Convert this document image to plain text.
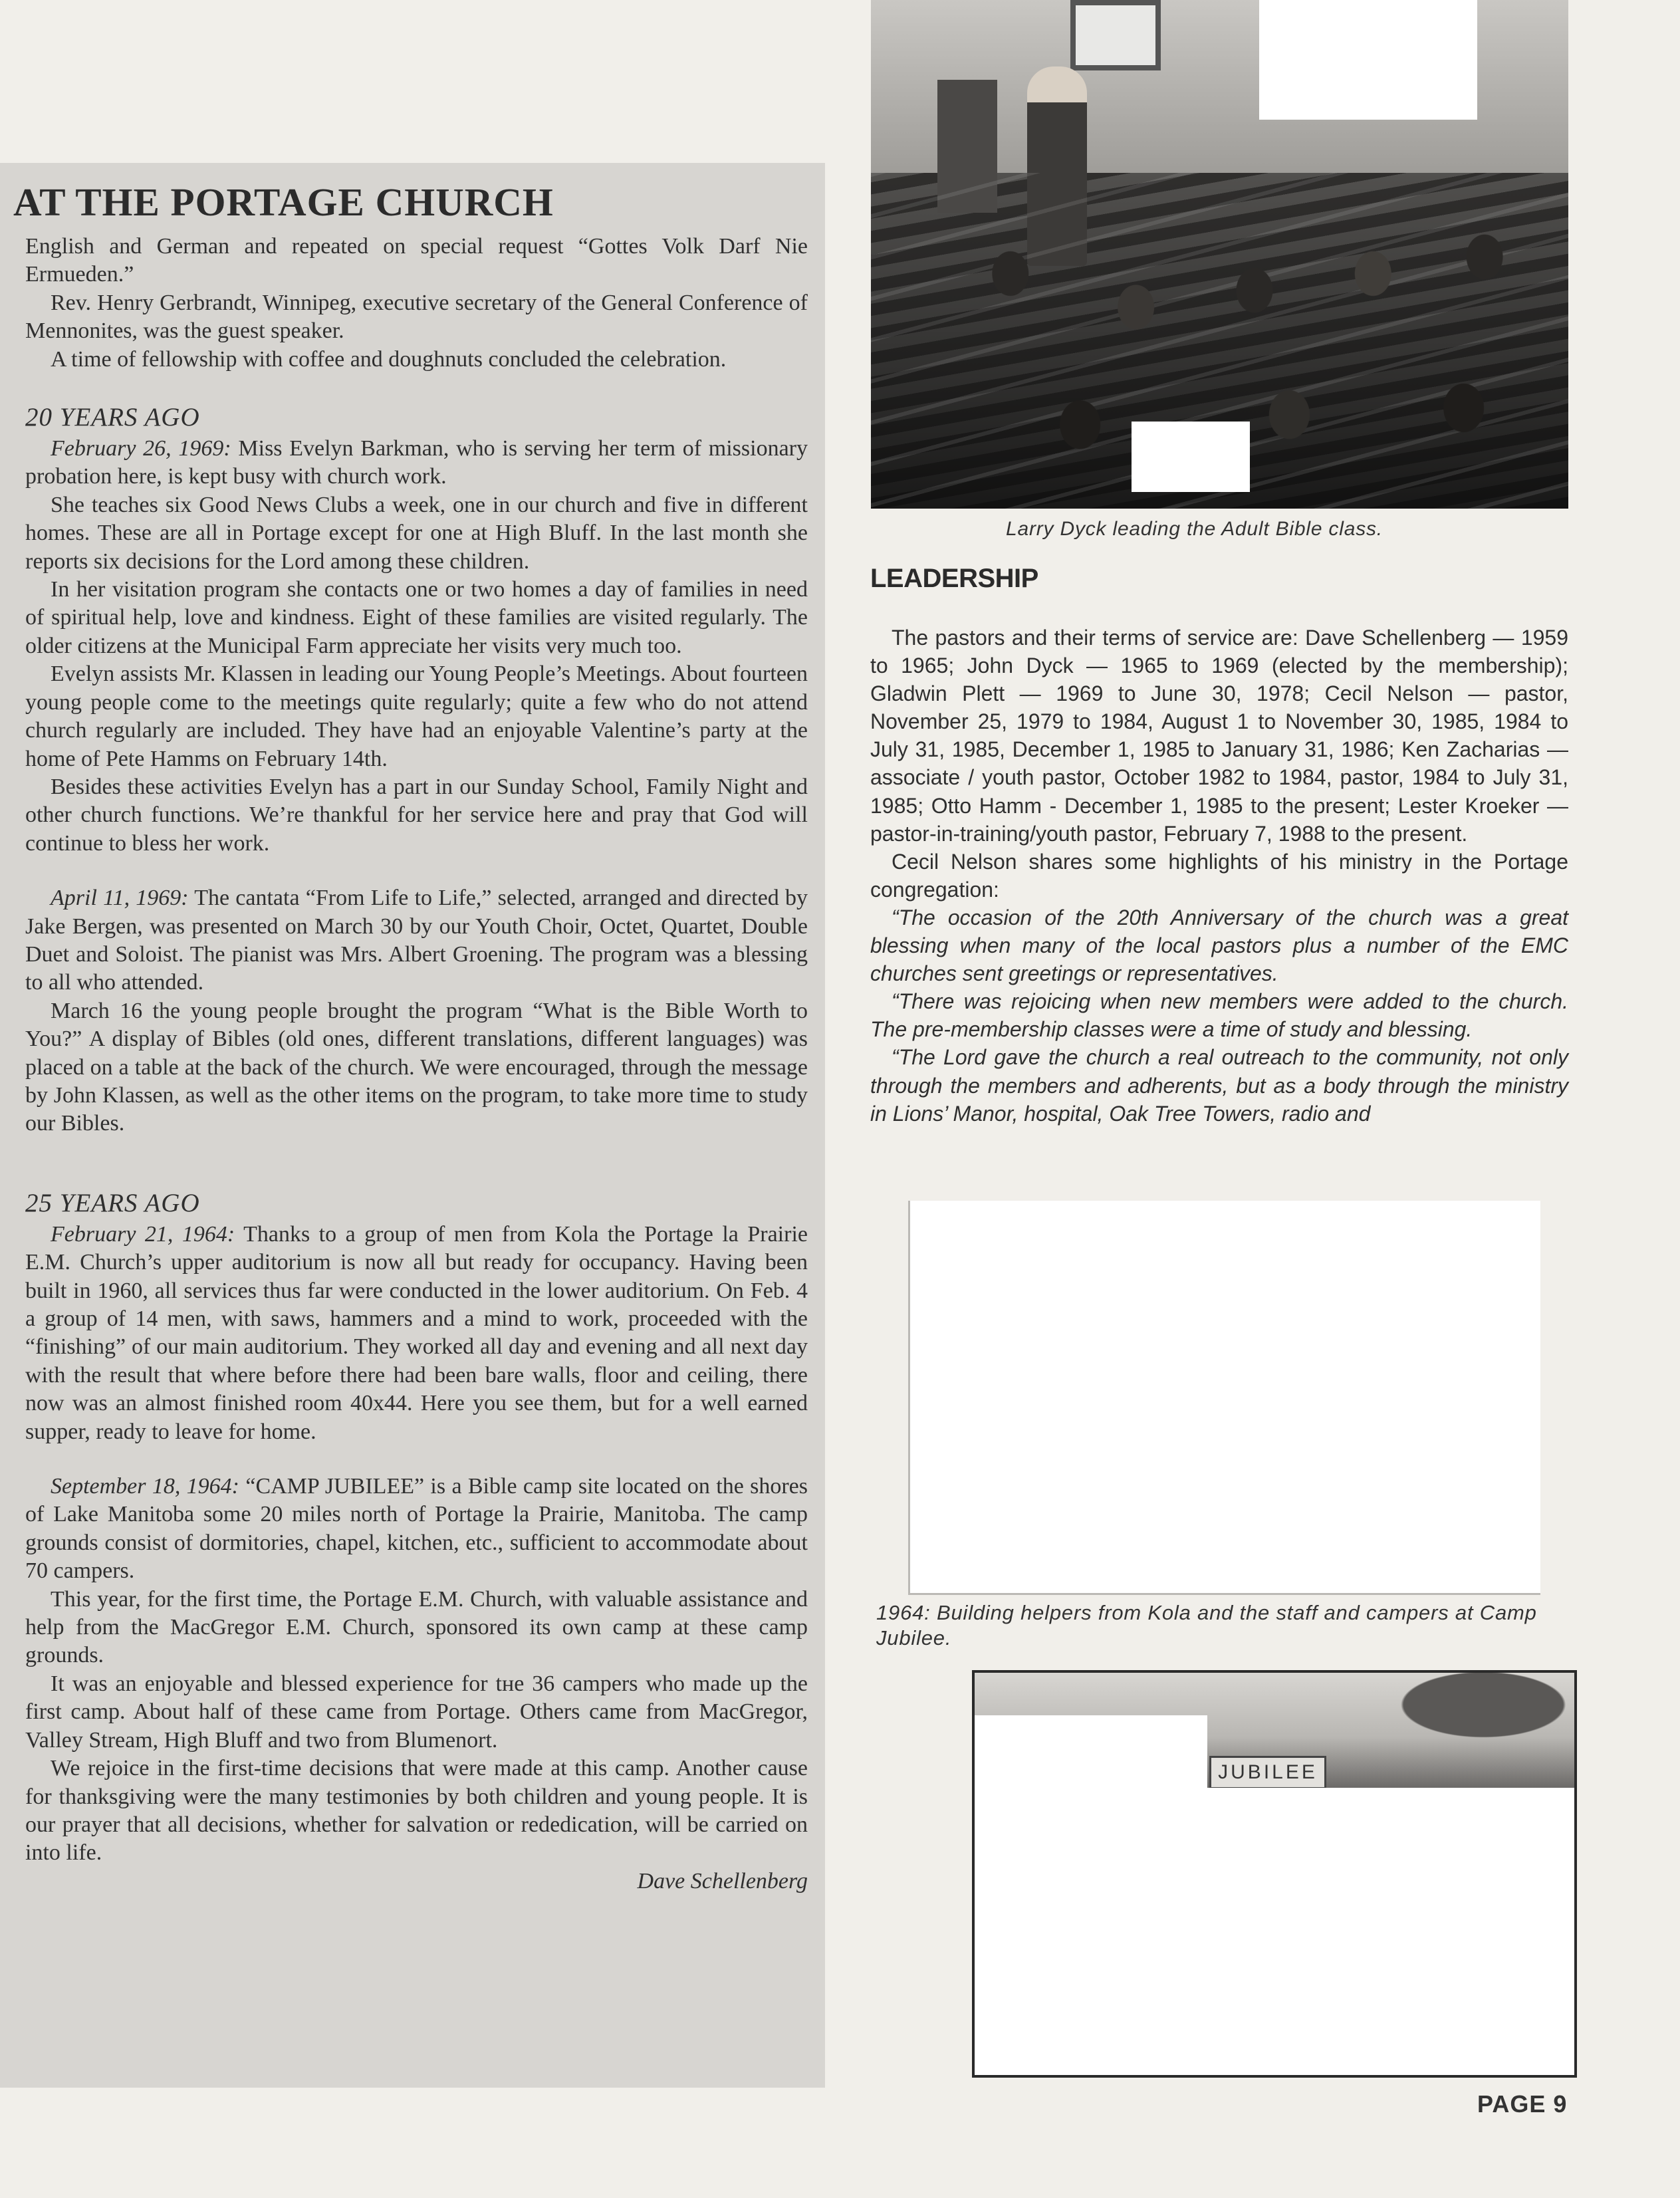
AT THE PORTAGE CHURCH

English and German and repeated on special request “Gottes Volk Darf Nie Ermueden.”

Rev. Henry Gerbrandt, Winnipeg, executive secretary of the General Conference of Mennonites, was the guest speaker.

A time of fellowship with coffee and doughnuts concluded the celebration.

20 YEARS AGO

February 26, 1969: Miss Evelyn Barkman, who is serving her term of missionary probation here, is kept busy with church work.

She teaches six Good News Clubs a week, one in our church and five in different homes. These are all in Portage except for one at High Bluff. In the last month she reports six decisions for the Lord among these children.

In her visitation program she contacts one or two homes a day of families in need of spiritual help, love and kindness. Eight of these families are visited regularly. The older citizens at the Municipal Farm appreciate her visits very much too.

Evelyn assists Mr. Klassen in leading our Young People’s Meetings. About fourteen young people come to the meetings quite regularly; quite a few who do not attend church regularly are included. They have had an enjoyable Valentine’s party at the home of Pete Hamms on February 14th.

Besides these activities Evelyn has a part in our Sunday School, Family Night and other church functions. We’re thankful for her service here and pray that God will continue to bless her work.

April 11, 1969: The cantata “From Life to Life,” selected, arranged and directed by Jake Bergen, was presented on March 30 by our Youth Choir, Octet, Quartet, Double Duet and Soloist. The pianist was Mrs. Albert Groening. The program was a blessing to all who attended.

March 16 the young people brought the program “What is the Bible Worth to You?” A display of Bibles (old ones, different translations, different languages) was placed on a table at the back of the church. We were encouraged, through the message by John Klassen, as well as the other items on the program, to take more time to study our Bibles.

25 YEARS AGO

February 21, 1964: Thanks to a group of men from Kola the Portage la Prairie E.M. Church’s upper auditorium is now all but ready for occupancy. Having been built in 1960, all services thus far were conducted in the lower auditorium. On Feb. 4 a group of 14 men, with saws, hammers and a mind to work, proceeded with the “finishing” of our main auditorium. They worked all day and evening and all next day with the result that where before there had been bare walls, floor and ceiling, there now was an almost finished room 40x44. Here you see them, but for a well earned supper, ready to leave for home.

September 18, 1964: “CAMP JUBILEE” is a Bible camp site located on the shores of Lake Manitoba some 20 miles north of Portage la Prairie, Manitoba. The camp grounds consist of dormitories, chapel, kitchen, etc., sufficient to accommodate about 70 campers.

This year, for the first time, the Portage E.M. Church, with valuable assistance and help from the MacGregor E.M. Church, sponsored its own camp at these camp grounds.

It was an enjoyable and blessed experience for tʜe 36 campers who made up the first camp. About half of these came from Portage. Others came from MacGregor, Valley Stream, High Bluff and two from Blumenort.

We rejoice in the first-time decisions that were made at this camp. Another cause for thanksgiving were the many testimonies by both children and young people. It is our prayer that all decisions, whether for salvation or rededication, will be carried on into life.

Dave Schellenberg

Larry Dyck leading the Adult Bible class.

LEADERSHIP

The pastors and their terms of service are: Dave Schellenberg — 1959 to 1965; John Dyck — 1965 to 1969 (elected by the membership); Gladwin Plett — 1969 to June 30, 1978; Cecil Nelson — pastor, November 25, 1979 to 1984, August 1 to November 30, 1985, 1984 to July 31, 1985, December 1, 1985 to January 31, 1986; Ken Zacharias — associate / youth pastor, October 1982 to 1984, pastor, 1984 to July 31, 1985; Otto Hamm - December 1, 1985 to the present; Lester Kroeker — pastor-in-training/youth pastor, February 7, 1988 to the present.

Cecil Nelson shares some highlights of his ministry in the Portage congregation:

“The occasion of the 20th Anniversary of the church was a great blessing when many of the local pastors plus a number of the EMC churches sent greetings or representatives.

“There was rejoicing when new members were added to the church. The pre-membership classes were a time of study and blessing.

“The Lord gave the church a real outreach to the community, not only through the members and adherents, but as a body through the ministry in Lions’ Manor, hospital, Oak Tree Towers, radio and

1964: Building helpers from Kola and the staff and campers at Camp Jubilee.

JUBILEE

PAGE 9
